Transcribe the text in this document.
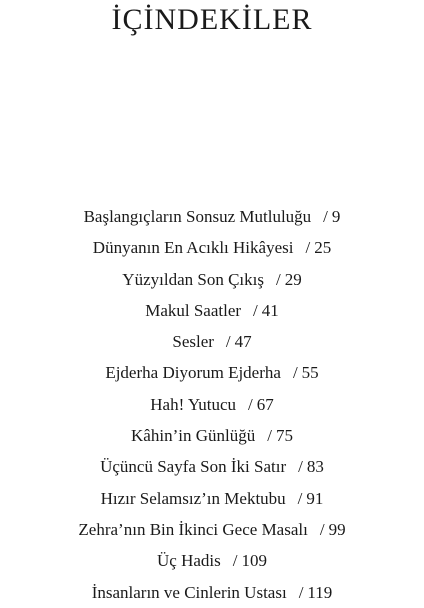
İÇİNDEKİLER
Başlangıçların Sonsuz Mutluluğu / 9
Dünyanın En Acıklı Hikâyesi / 25
Yüzyıldan Son Çıkış / 29
Makul Saatler / 41
Sesler / 47
Ejderha Diyorum Ejderha / 55
Hah! Yutucu / 67
Kâhin’in Günlüğü / 75
Üçüncü Sayfa Son İki Satır / 83
Hızır Selamsız’ın Mektubu / 91
Zehra’nın Bin İkinci Gece Masalı / 99
Üç Hadis / 109
İnsanların ve Cinlerin Ustası / 119
